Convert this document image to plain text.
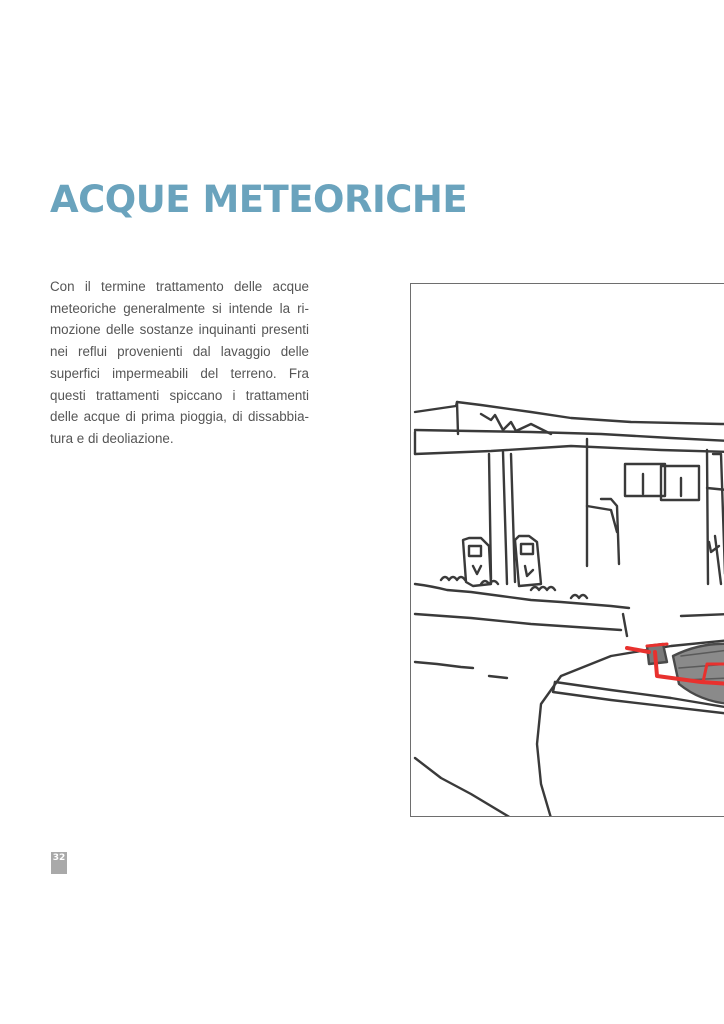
ACQUE METEORICHE

Con il termine trattamento delle acque meteoriche generalmente si intende la rimozione delle sostanze inquinanti presenti nei reflui provenienti dal lavaggio delle superfici impermeabili del terreno. Fra questi trattamenti spiccano i trattamenti delle acque di prima pioggia, di dissabbiatura e di deoliazione.

32
